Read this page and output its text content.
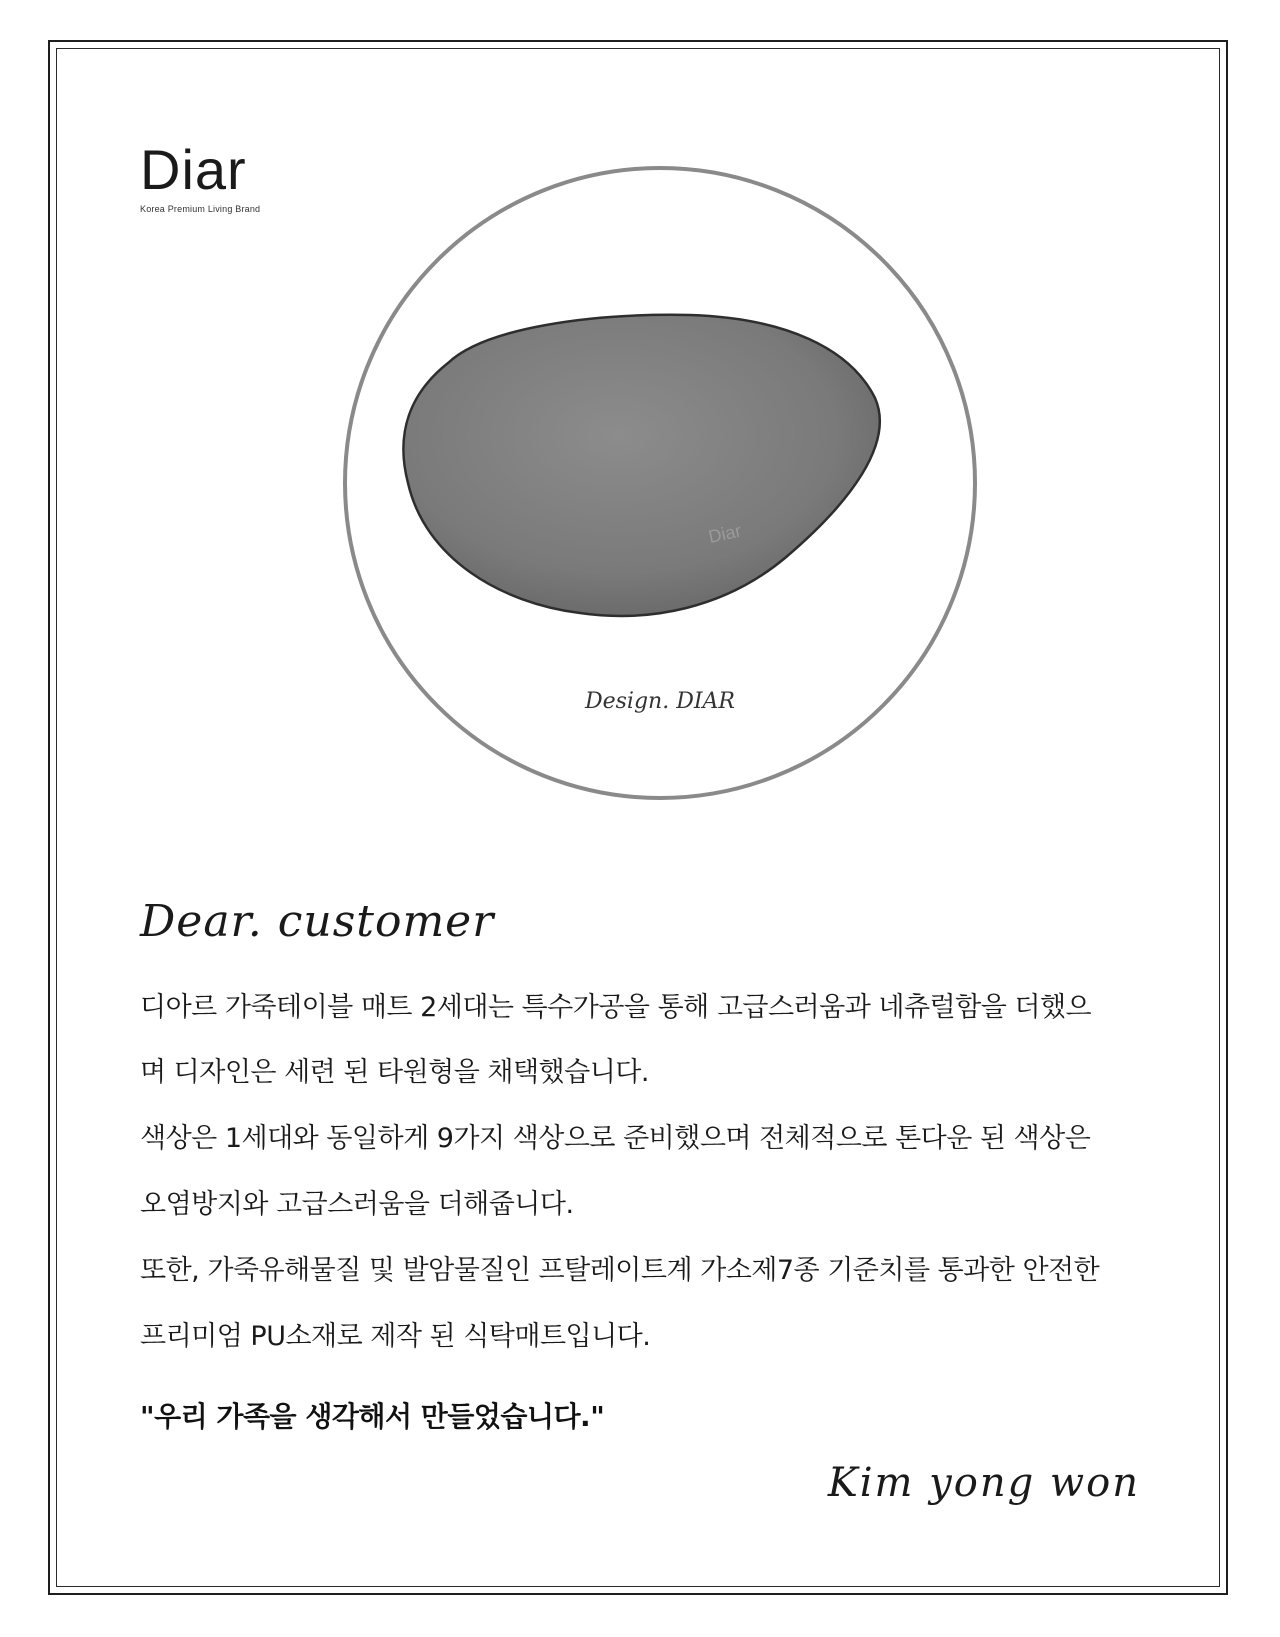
Diar
Korea Premium Living Brand
Diar
Design. DIAR
Dear. customer
디아르 가죽테이블 매트 2세대는 특수가공을 통해 고급스러움과 네츄럴함을 더했으
며 디자인은 세련 된 타원형을 채택했습니다.
색상은 1세대와 동일하게 9가지 색상으로 준비했으며 전체적으로 톤다운 된 색상은
오염방지와 고급스러움을 더해줍니다.
또한, 가죽유해물질 및 발암물질인 프탈레이트계 가소제7종 기준치를 통과한 안전한
프리미엄 PU소재로 제작 된 식탁매트입니다.
"우리 가족을 생각해서 만들었습니다."
Kim yong won
